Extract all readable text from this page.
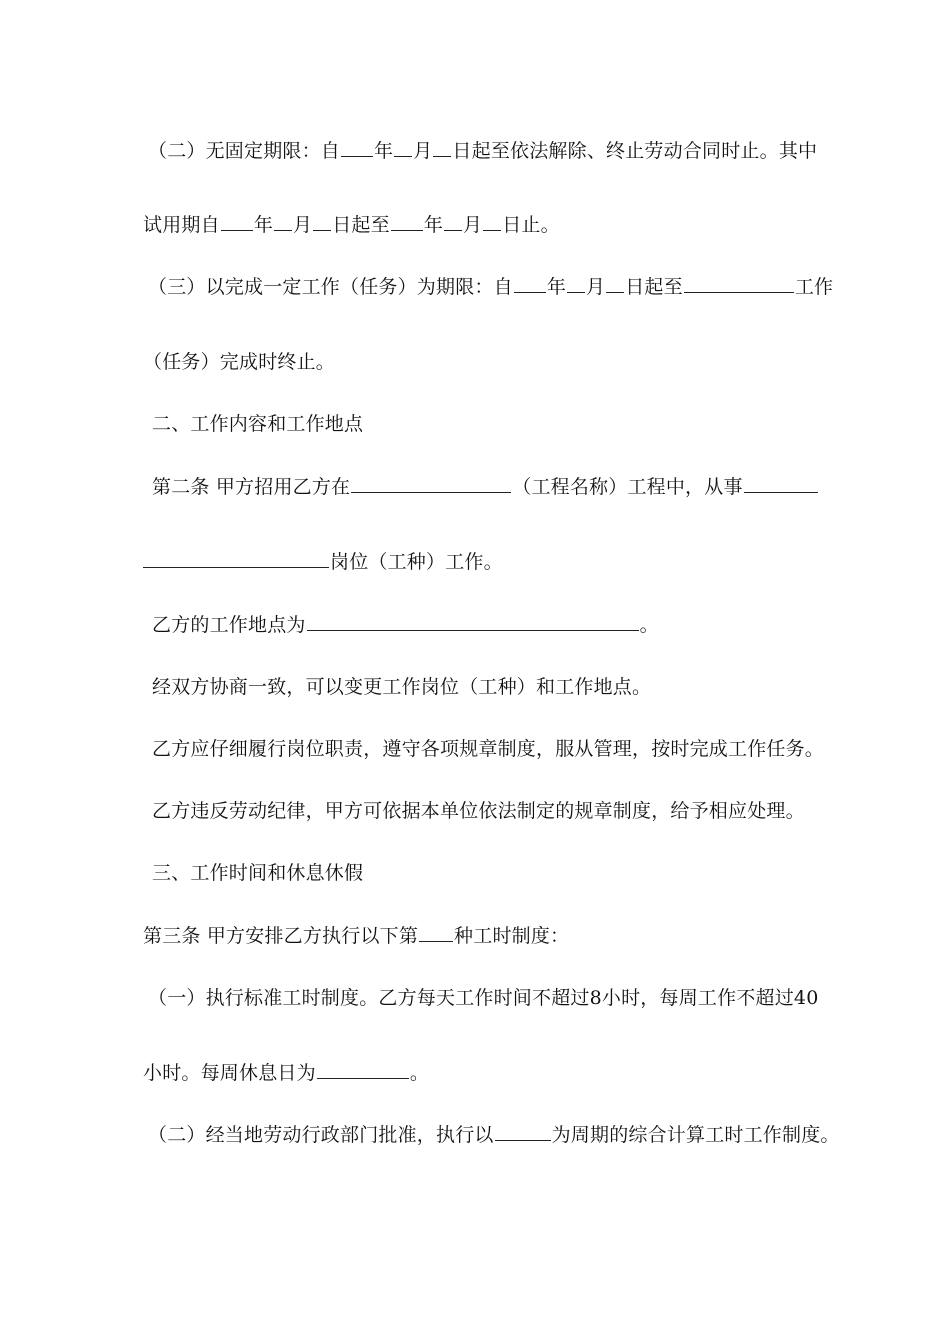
（二）无固定期限：自 年 月 日起至依法解除、终止劳动合同时止。其中
试用期自 年 月 日起至 年 月 日止。
（三）以完成一定工作（任务）为期限：自 年 月 日起至	工作
（任务）完成时终止。
二、工作内容和工作地点
第二条 甲方招用乙方在	（工程名称）工程中，从事
岗位（工种）工作。
乙方的工作地点为	。
经双方协商一致，可以变更工作岗位（工种）和工作地点。
乙方应仔细履行岗位职责，遵守各项规章制度，服从管理，按时完成工作任务。
乙方违反劳动纪律，甲方可依据本单位依法制定的规章制度，给予相应处理。
三、工作时间和休息休假
第三条 甲方安排乙方执行以下第 种工时制度：
（一）执行标准工时制度。乙方每天工作时间不超过8小时，每周工作不超过40
小时。每周休息日为	。
（二）经当地劳动行政部门批准，执行以	为周期的综合计算工时工作制度。
